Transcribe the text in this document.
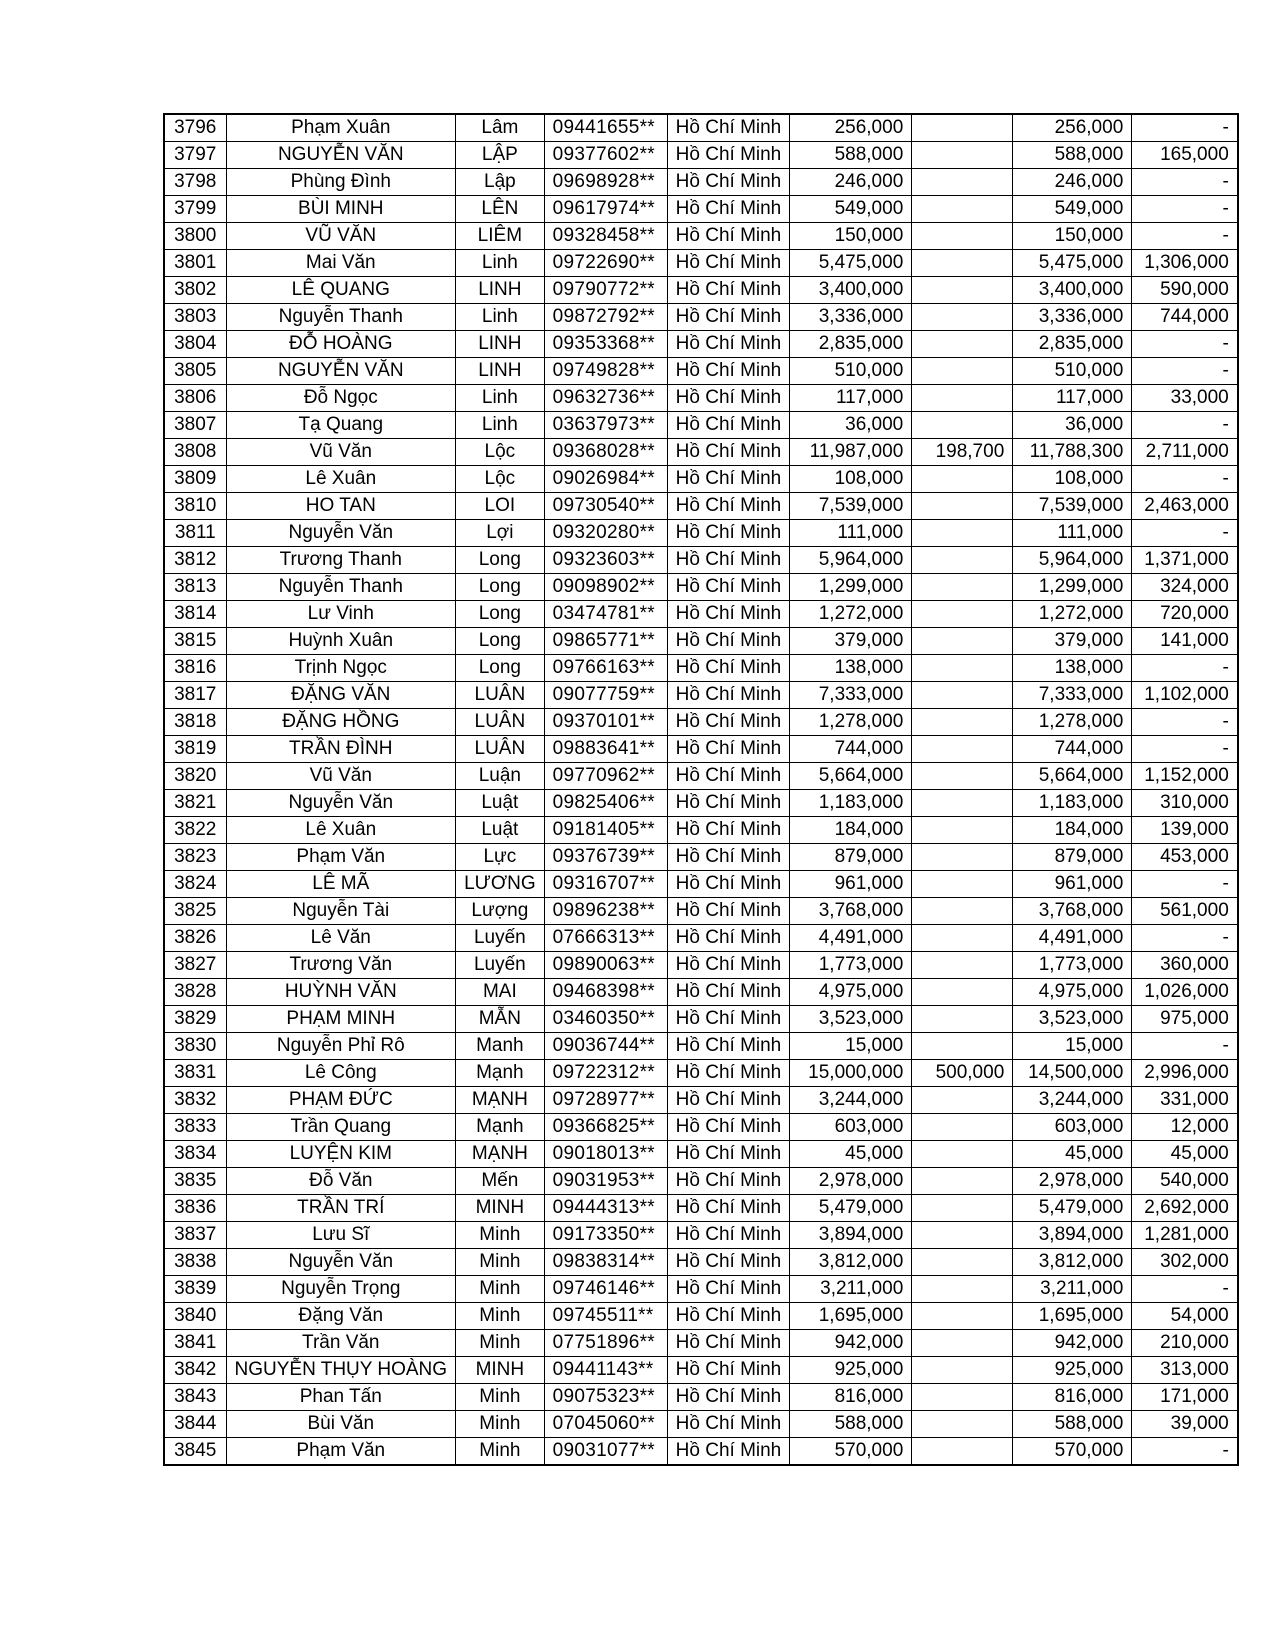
3796	Phạm Xuân	Lâm	09441655**	Hồ Chí Minh	256,000		256,000	-
3797	NGUYỄN VĂN	LẬP	09377602**	Hồ Chí Minh	588,000		588,000	165,000
3798	Phùng Đình	Lập	09698928**	Hồ Chí Minh	246,000		246,000	-
3799	BÙI MINH	LÊN	09617974**	Hồ Chí Minh	549,000		549,000	-
3800	VŨ VĂN	LIÊM	09328458**	Hồ Chí Minh	150,000		150,000	-
3801	Mai Văn	Linh	09722690**	Hồ Chí Minh	5,475,000		5,475,000	1,306,000
3802	LÊ QUANG	LINH	09790772**	Hồ Chí Minh	3,400,000		3,400,000	590,000
3803	Nguyễn Thanh	Linh	09872792**	Hồ Chí Minh	3,336,000		3,336,000	744,000
3804	ĐỖ HOÀNG	LINH	09353368**	Hồ Chí Minh	2,835,000		2,835,000	-
3805	NGUYỄN VĂN	LINH	09749828**	Hồ Chí Minh	510,000		510,000	-
3806	Đỗ Ngọc	Linh	09632736**	Hồ Chí Minh	117,000		117,000	33,000
3807	Tạ Quang	Linh	03637973**	Hồ Chí Minh	36,000		36,000	-
3808	Vũ Văn	Lộc	09368028**	Hồ Chí Minh	11,987,000	198,700	11,788,300	2,711,000
3809	Lê Xuân	Lộc	09026984**	Hồ Chí Minh	108,000		108,000	-
3810	HO TAN	LOI	09730540**	Hồ Chí Minh	7,539,000		7,539,000	2,463,000
3811	Nguyễn Văn	Lợi	09320280**	Hồ Chí Minh	111,000		111,000	-
3812	Trương Thanh	Long	09323603**	Hồ Chí Minh	5,964,000		5,964,000	1,371,000
3813	Nguyễn Thanh	Long	09098902**	Hồ Chí Minh	1,299,000		1,299,000	324,000
3814	Lư Vinh	Long	03474781**	Hồ Chí Minh	1,272,000		1,272,000	720,000
3815	Huỳnh Xuân	Long	09865771**	Hồ Chí Minh	379,000		379,000	141,000
3816	Trịnh Ngọc	Long	09766163**	Hồ Chí Minh	138,000		138,000	-
3817	ĐẶNG VĂN	LUÂN	09077759**	Hồ Chí Minh	7,333,000		7,333,000	1,102,000
3818	ĐẶNG HỒNG	LUÂN	09370101**	Hồ Chí Minh	1,278,000		1,278,000	-
3819	TRẦN ĐÌNH	LUÂN	09883641**	Hồ Chí Minh	744,000		744,000	-
3820	Vũ Văn	Luận	09770962**	Hồ Chí Minh	5,664,000		5,664,000	1,152,000
3821	Nguyễn Văn	Luật	09825406**	Hồ Chí Minh	1,183,000		1,183,000	310,000
3822	Lê Xuân	Luật	09181405**	Hồ Chí Minh	184,000		184,000	139,000
3823	Phạm Văn	Lực	09376739**	Hồ Chí Minh	879,000		879,000	453,000
3824	LÊ MÃ	LƯƠNG	09316707**	Hồ Chí Minh	961,000		961,000	-
3825	Nguyễn Tài	Lượng	09896238**	Hồ Chí Minh	3,768,000		3,768,000	561,000
3826	Lê Văn	Luyến	07666313**	Hồ Chí Minh	4,491,000		4,491,000	-
3827	Trương Văn	Luyến	09890063**	Hồ Chí Minh	1,773,000		1,773,000	360,000
3828	HUỲNH VĂN	MAI	09468398**	Hồ Chí Minh	4,975,000		4,975,000	1,026,000
3829	PHẠM MINH	MẪN	03460350**	Hồ Chí Minh	3,523,000		3,523,000	975,000
3830	Nguyễn Phỉ Rô	Manh	09036744**	Hồ Chí Minh	15,000		15,000	-
3831	Lê Công	Mạnh	09722312**	Hồ Chí Minh	15,000,000	500,000	14,500,000	2,996,000
3832	PHẠM ĐỨC	MẠNH	09728977**	Hồ Chí Minh	3,244,000		3,244,000	331,000
3833	Trần Quang	Mạnh	09366825**	Hồ Chí Minh	603,000		603,000	12,000
3834	LUYỆN KIM	MẠNH	09018013**	Hồ Chí Minh	45,000		45,000	45,000
3835	Đỗ Văn	Mến	09031953**	Hồ Chí Minh	2,978,000		2,978,000	540,000
3836	TRẦN TRÍ	MINH	09444313**	Hồ Chí Minh	5,479,000		5,479,000	2,692,000
3837	Lưu Sĩ	Minh	09173350**	Hồ Chí Minh	3,894,000		3,894,000	1,281,000
3838	Nguyễn Văn	Minh	09838314**	Hồ Chí Minh	3,812,000		3,812,000	302,000
3839	Nguyễn Trọng	Minh	09746146**	Hồ Chí Minh	3,211,000		3,211,000	-
3840	Đặng Văn	Minh	09745511**	Hồ Chí Minh	1,695,000		1,695,000	54,000
3841	Trần Văn	Minh	07751896**	Hồ Chí Minh	942,000		942,000	210,000
3842	NGUYỄN THỤY HOÀNG	MINH	09441143**	Hồ Chí Minh	925,000		925,000	313,000
3843	Phan Tấn	Minh	09075323**	Hồ Chí Minh	816,000		816,000	171,000
3844	Bùi Văn	Minh	07045060**	Hồ Chí Minh	588,000		588,000	39,000
3845	Phạm Văn	Minh	09031077**	Hồ Chí Minh	570,000		570,000	-
